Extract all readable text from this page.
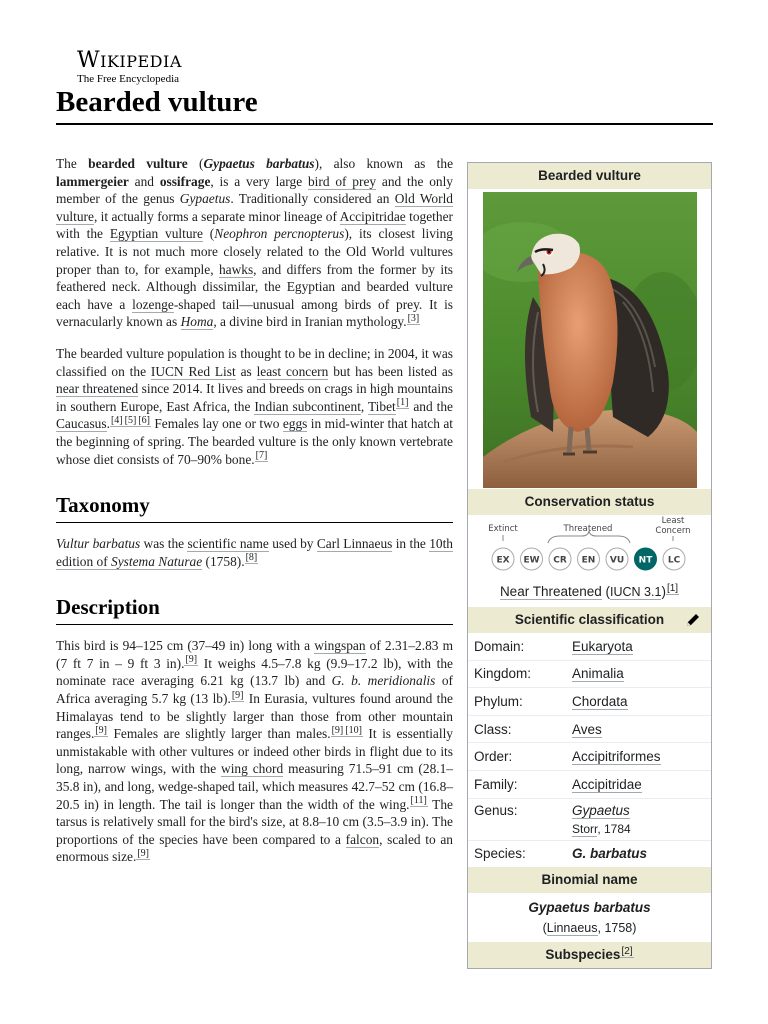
WIKIPEDIA
The Free Encyclopedia
Bearded vulture

The bearded vulture (Gypaetus barbatus), also known as the lammergeier and ossifrage, is a very large bird of prey and the only member of the genus Gypaetus. Traditionally considered an Old World vulture, it actually forms a separate minor lineage of Accipitridae together with the Egyptian vulture (Neophron percnopterus), its closest living relative. It is not much more closely related to the Old World vultures proper than to, for example, hawks, and differs from the former by its feathered neck. Although dissimilar, the Egyptian and bearded vulture each have a lozenge-shaped tail—unusual among birds of prey. It is vernacularly known as Homa, a divine bird in Iranian mythology.[3]

The bearded vulture population is thought to be in decline; in 2004, it was classified on the IUCN Red List as least concern but has been listed as near threatened since 2014. It lives and breeds on crags in high mountains in southern Europe, East Africa, the Indian subcontinent, Tibet[1] and the Caucasus.[4] [5] [6] Females lay one or two eggs in mid-winter that hatch at the beginning of spring. The bearded vulture is the only known vertebrate whose diet consists of 70–90% bone.[7]

Taxonomy

Vultur barbatus was the scientific name used by Carl Linnaeus in the 10th edition of Systema Naturae (1758).[8]

Description

This bird is 94–125 cm (37–49 in) long with a wingspan of 2.31–2.83 m (7 ft 7 in – 9 ft 3 in).[9] It weighs 4.5–7.8 kg (9.9–17.2 lb), with the nominate race averaging 6.21 kg (13.7 lb) and G. b. meridionalis of Africa averaging 5.7 kg (13 lb).[9] In Eurasia, vultures found around the Himalayas tend to be slightly larger than those from other mountain ranges.[9] Females are slightly larger than males.[9] [10] It is essentially unmistakable with other vultures or indeed other birds in flight due to its long, narrow wings, with the wing chord measuring 71.5–91 cm (28.1–35.8 in), and long, wedge-shaped tail, which measures 42.7–52 cm (16.8–20.5 in) in length. The tail is longer than the width of the wing.[11] The tarsus is relatively small for the bird's size, at 8.8–10 cm (3.5–3.9 in). The proportions of the species have been compared to a falcon, scaled to an enormous size.[9]

Bearded vulture
Conservation status
Extinct	Threatened
Least
Concern
EX EW CR EN VU NT LC
Near Threatened (IUCN 3.1)[1]
Scientific classification
Domain:	Eukaryota
Kingdom:	Animalia
Phylum:	Chordata
Class:	Aves
Order:	Accipitriformes
Family:	Accipitridae
Genus:	Gypaetus
Storr, 1784
Species:	G. barbatus
Binomial name
Gypaetus barbatus
(Linnaeus, 1758)
Subspecies[2]
